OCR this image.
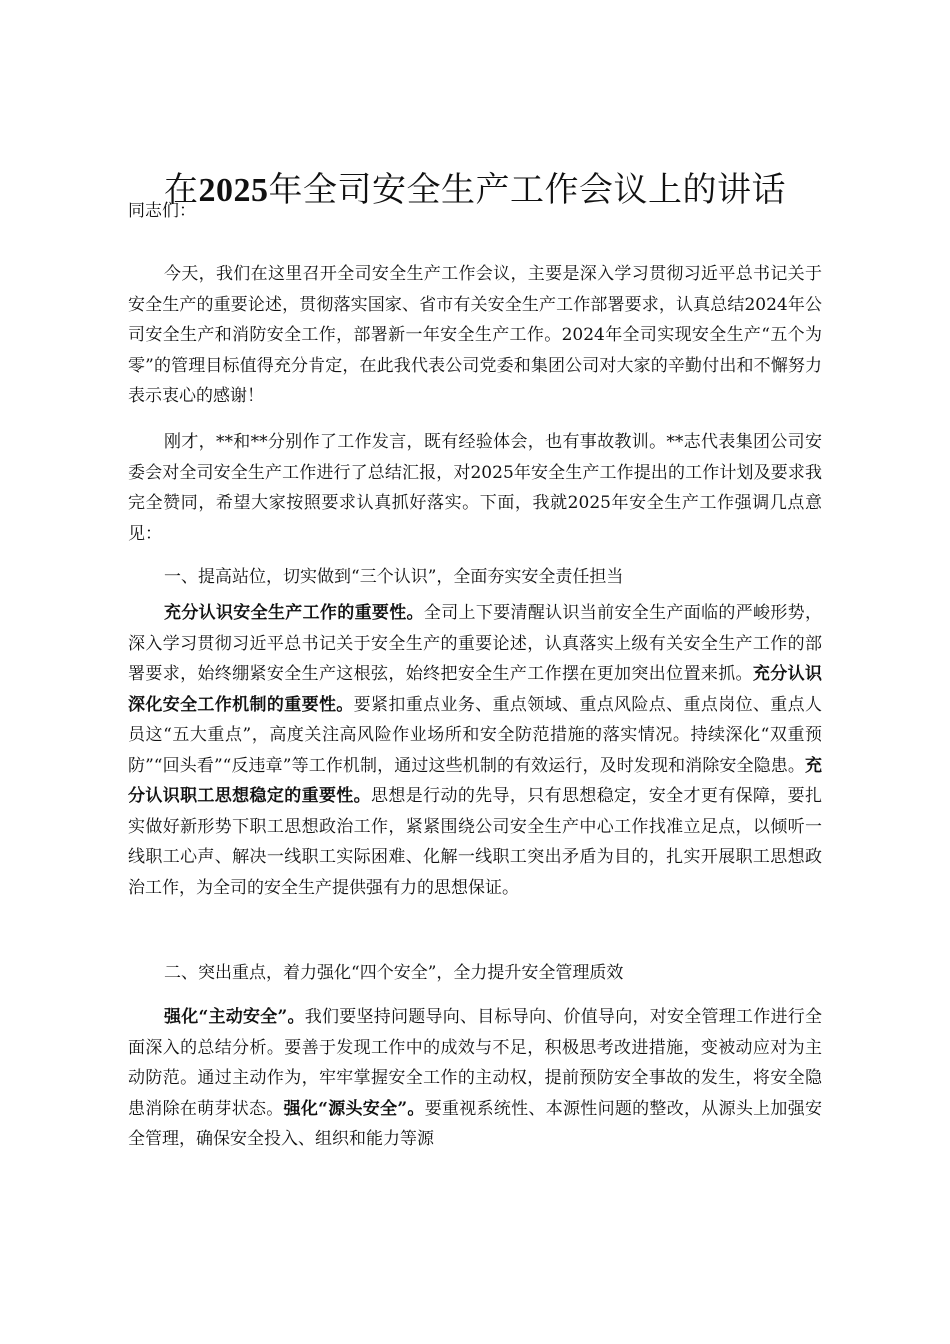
在2025年全司安全生产工作会议上的讲话

同志们：

今天，我们在这里召开全司安全生产工作会议，主要是深入学习贯彻习近平总书记关于安全生产的重要论述，贯彻落实国家、省市有关安全生产工作部署要求，认真总结2024年公司安全生产和消防安全工作，部署新一年安全生产工作。2024年全司实现安全生产“五个为零”的管理目标值得充分肯定，在此我代表公司党委和集团公司对大家的辛勤付出和不懈努力表示衷心的感谢！

刚才，**和**分别作了工作发言，既有经验体会，也有事故教训。**志代表集团公司安委会对全司安全生产工作进行了总结汇报，对2025年安全生产工作提出的工作计划及要求我完全赞同，希望大家按照要求认真抓好落实。下面，我就2025年安全生产工作强调几点意见：

一、提高站位，切实做到“三个认识”，全面夯实安全责任担当

充分认识安全生产工作的重要性。全司上下要清醒认识当前安全生产面临的严峻形势，深入学习贯彻习近平总书记关于安全生产的重要论述，认真落实上级有关安全生产工作的部署要求，始终绷紧安全生产这根弦，始终把安全生产工作摆在更加突出位置来抓。充分认识深化安全工作机制的重要性。要紧扣重点业务、重点领域、重点风险点、重点岗位、重点人员这“五大重点”，高度关注高风险作业场所和安全防范措施的落实情况。持续深化“双重预防”“回头看”“反违章”等工作机制，通过这些机制的有效运行，及时发现和消除安全隐患。充分认识职工思想稳定的重要性。思想是行动的先导，只有思想稳定，安全才更有保障，要扎实做好新形势下职工思想政治工作，紧紧围绕公司安全生产中心工作找准立足点，以倾听一线职工心声、解决一线职工实际困难、化解一线职工突出矛盾为目的，扎实开展职工思想政治工作，为全司的安全生产提供强有力的思想保证。

二、突出重点，着力强化“四个安全”，全力提升安全管理质效

强化“主动安全”。我们要坚持问题导向、目标导向、价值导向，对安全管理工作进行全面深入的总结分析。要善于发现工作中的成效与不足，积极思考改进措施，变被动应对为主动防范。通过主动作为，牢牢掌握安全工作的主动权，提前预防安全事故的发生，将安全隐患消除在萌芽状态。强化“源头安全”。要重视系统性、本源性问题的整改，从源头上加强安全管理，确保安全投入、组织和能力等源
